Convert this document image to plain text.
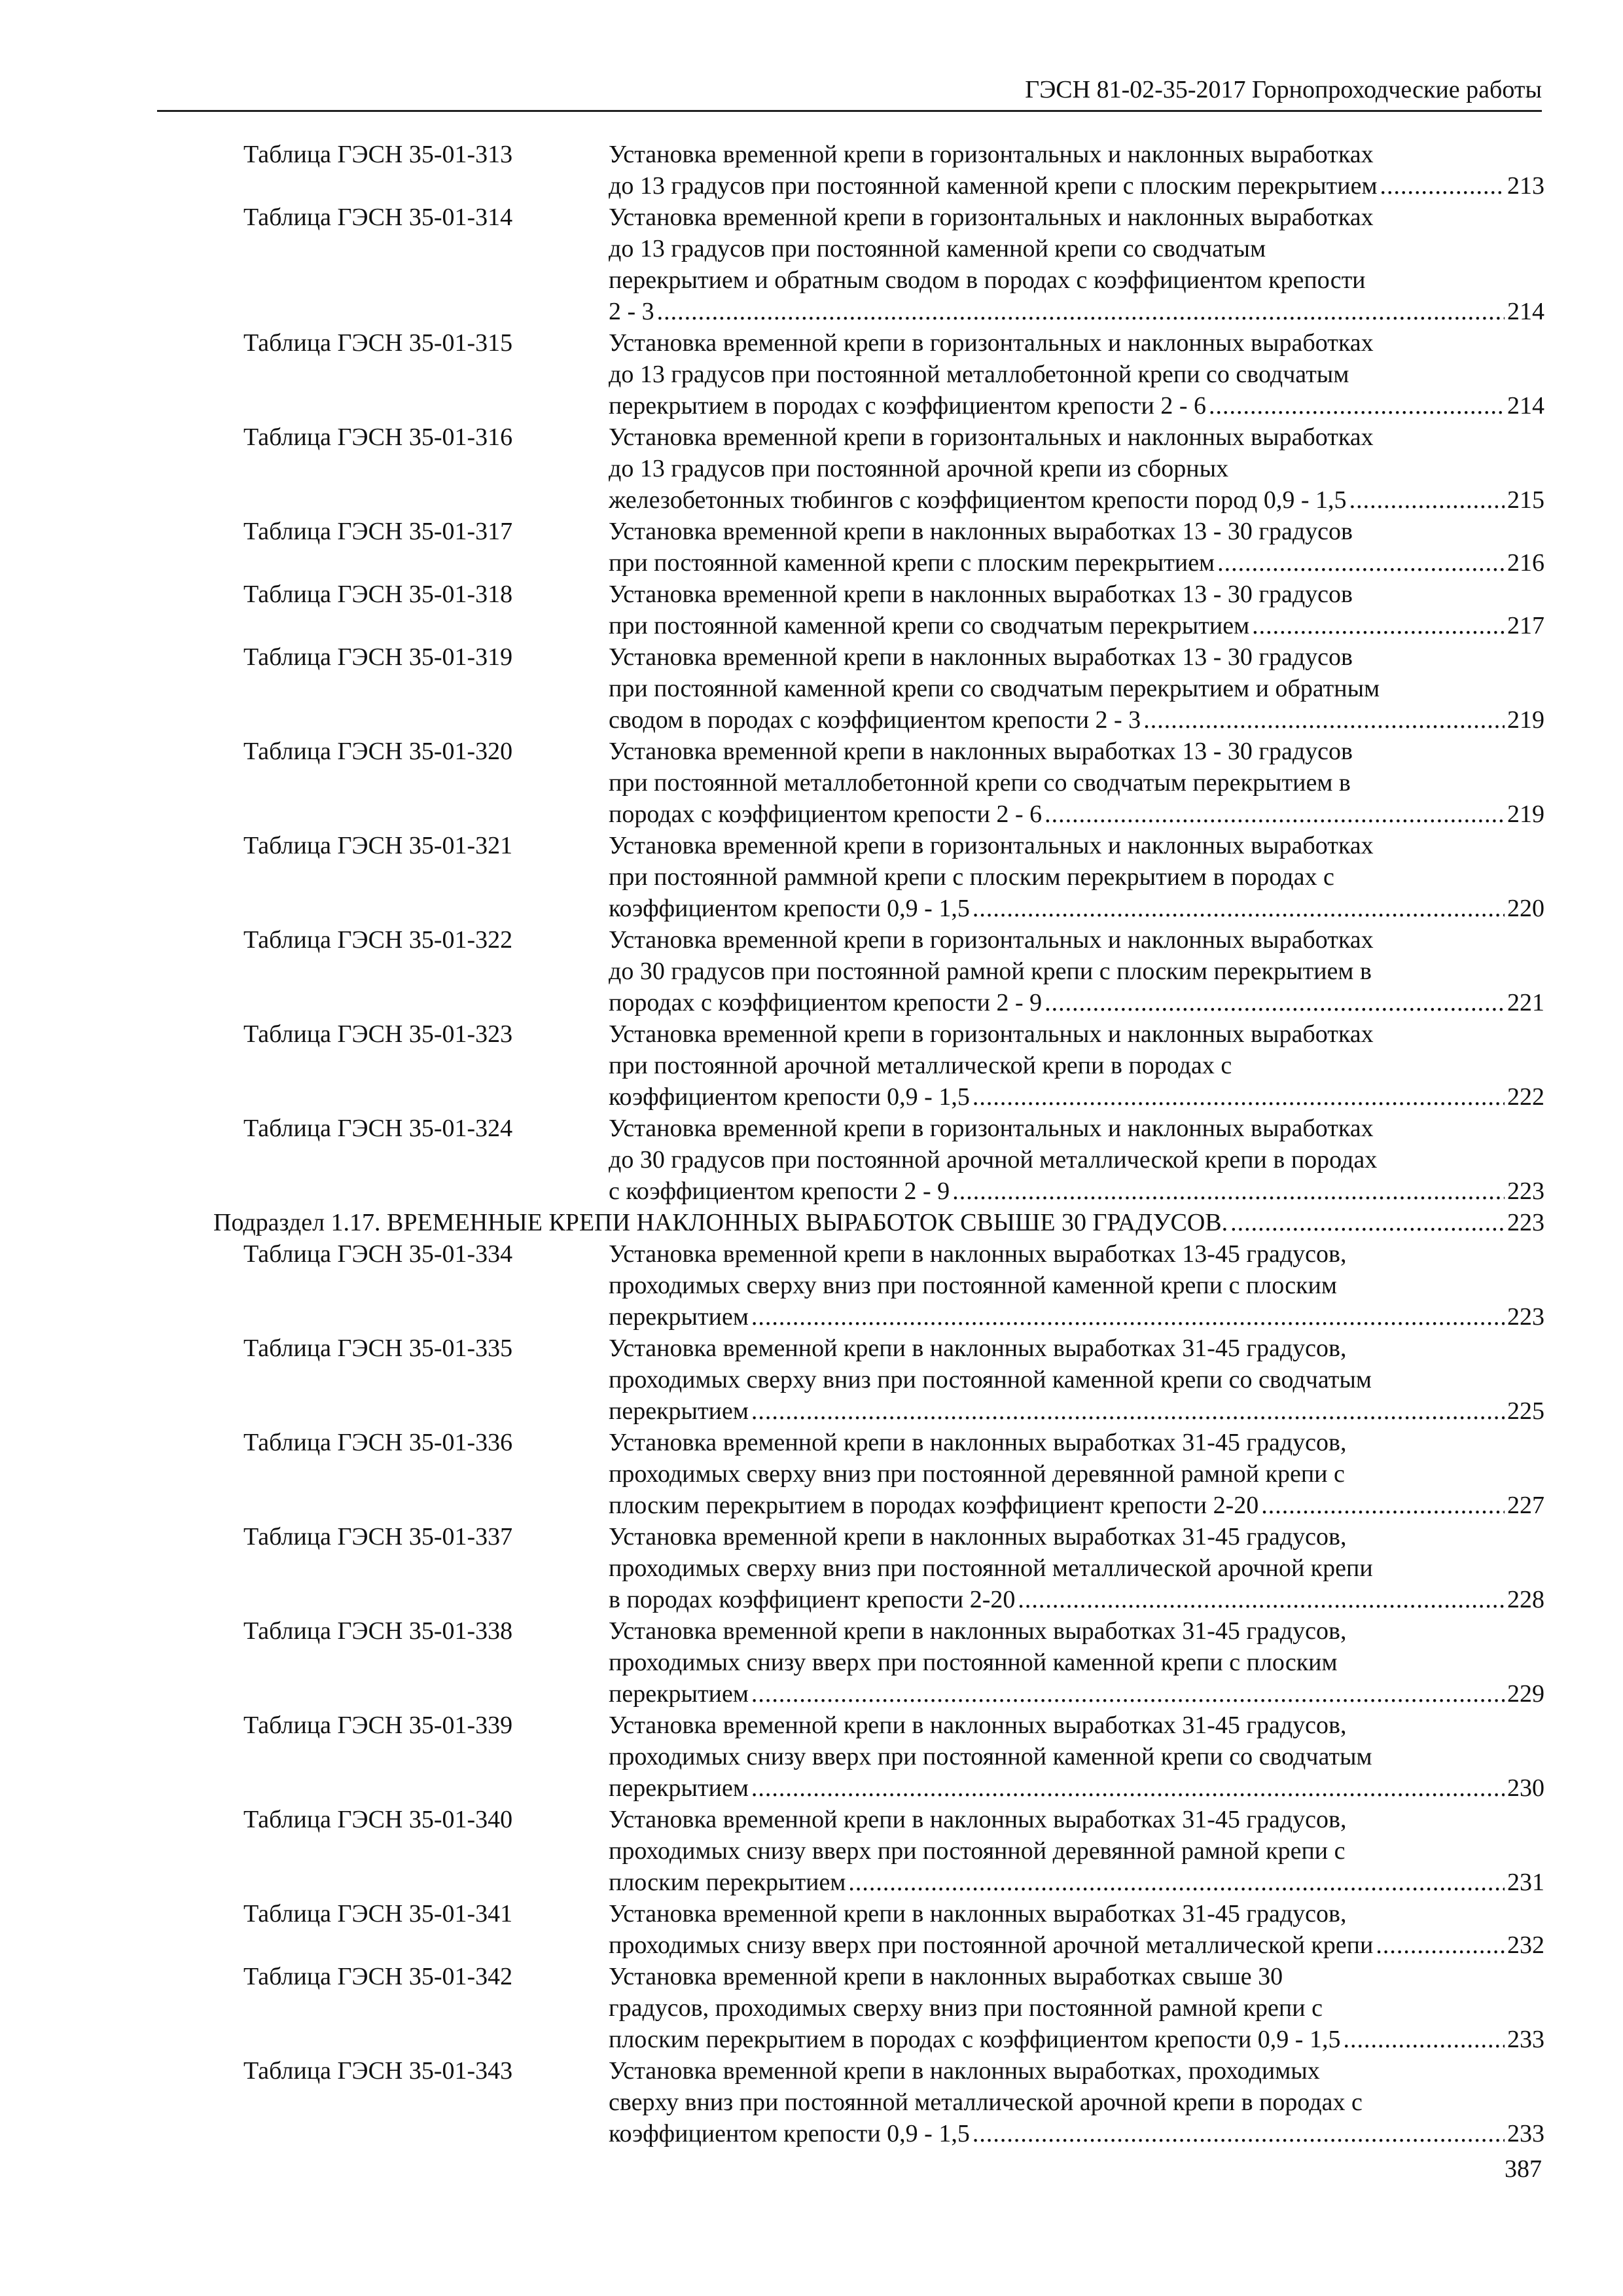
ГЭСН 81-02-35-2017 Горнопроходческие работы
Таблица ГЭСН 35-01-313	Установка временной крепи в горизонтальных и наклонных выработках
до 13 градусов при постоянной каменной крепи с плоским перекрытием .....	213
Таблица ГЭСН 35-01-314	Установка временной крепи в горизонтальных и наклонных выработках
до 13 градусов при постоянной каменной крепи со сводчатым
перекрытием и обратным сводом в породах с коэффициентом крепости
2 - 3 .....	214
Таблица ГЭСН 35-01-315	Установка временной крепи в горизонтальных и наклонных выработках
до 13 градусов при постоянной металлобетонной крепи со сводчатым
перекрытием в породах с коэффициентом крепости 2 - 6 .....	214
Таблица ГЭСН 35-01-316	Установка временной крепи в горизонтальных и наклонных выработках
до 13 градусов при постоянной арочной крепи из сборных
железобетонных тюбингов с коэффициентом крепости пород 0,9 - 1,5 .....	215
Таблица ГЭСН 35-01-317	Установка временной крепи в наклонных выработках 13 - 30 градусов
при постоянной каменной крепи с плоским перекрытием .....	216
Таблица ГЭСН 35-01-318	Установка временной крепи в наклонных выработках 13 - 30 градусов
при постоянной каменной крепи со сводчатым перекрытием .....	217
Таблица ГЭСН 35-01-319	Установка временной крепи в наклонных выработках 13 - 30 градусов
при постоянной каменной крепи со сводчатым перекрытием и обратным
сводом в породах с коэффициентом крепости 2 - 3 .....	219
Таблица ГЭСН 35-01-320	Установка временной крепи в наклонных выработках 13 - 30 градусов
при постоянной металлобетонной крепи со сводчатым перекрытием в
породах с коэффициентом крепости 2 - 6 .....	219
Таблица ГЭСН 35-01-321	Установка временной крепи в горизонтальных и наклонных выработках
при постоянной раммной крепи с плоским перекрытием в породах с
коэффициентом крепости 0,9 - 1,5 .....	220
Таблица ГЭСН 35-01-322	Установка временной крепи в горизонтальных и наклонных выработках
до 30 градусов при постоянной рамной крепи с плоским перекрытием в
породах с коэффициентом крепости 2 - 9 .....	221
Таблица ГЭСН 35-01-323	Установка временной крепи в горизонтальных и наклонных выработках
при постоянной арочной металлической крепи в породах с
коэффициентом крепости 0,9 - 1,5 .....	222
Таблица ГЭСН 35-01-324	Установка временной крепи в горизонтальных и наклонных выработках
до 30 градусов при постоянной арочной металлической крепи в породах
с коэффициентом крепости 2 - 9 .....	223
Подраздел 1.17. ВРЕМЕННЫЕ КРЕПИ НАКЛОННЫХ ВЫРАБОТОК СВЫШЕ 30 ГРАДУСОВ. .....	223
Таблица ГЭСН 35-01-334	Установка временной крепи в наклонных выработках 13-45 градусов,
проходимых сверху вниз при постоянной каменной крепи с плоским
перекрытием .....	223
Таблица ГЭСН 35-01-335	Установка временной крепи в наклонных выработках 31-45 градусов,
проходимых сверху вниз при постоянной каменной крепи со сводчатым
перекрытием .....	225
Таблица ГЭСН 35-01-336	Установка временной крепи в наклонных выработках 31-45 градусов,
проходимых сверху вниз при постоянной деревянной рамной крепи с
плоским перекрытием в породах коэффициент крепости 2-20 .....	227
Таблица ГЭСН 35-01-337	Установка временной крепи в наклонных выработках 31-45 градусов,
проходимых сверху вниз при постоянной металлической арочной крепи
в породах коэффициент крепости 2-20 .....	228
Таблица ГЭСН 35-01-338	Установка временной крепи в наклонных выработках 31-45 градусов,
проходимых снизу вверх при постоянной каменной крепи с плоским
перекрытием .....	229
Таблица ГЭСН 35-01-339	Установка временной крепи в наклонных выработках 31-45 градусов,
проходимых снизу вверх при постоянной каменной крепи со сводчатым
перекрытием .....	230
Таблица ГЭСН 35-01-340	Установка временной крепи в наклонных выработках 31-45 градусов,
проходимых снизу вверх при постоянной деревянной рамной крепи с
плоским перекрытием .....	231
Таблица ГЭСН 35-01-341	Установка временной крепи в наклонных выработках 31-45 градусов,
проходимых снизу вверх при постоянной арочной металлической крепи .....	232
Таблица ГЭСН 35-01-342	Установка временной крепи в наклонных выработках свыше 30
градусов, проходимых сверху вниз при постоянной рамной крепи с
плоским перекрытием в породах с коэффициентом крепости 0,9 - 1,5 .....	233
Таблица ГЭСН 35-01-343	Установка временной крепи в наклонных выработках, проходимых
сверху вниз при постоянной металлической арочной крепи в породах с
коэффициентом крепости 0,9 - 1,5 .....	233
387
